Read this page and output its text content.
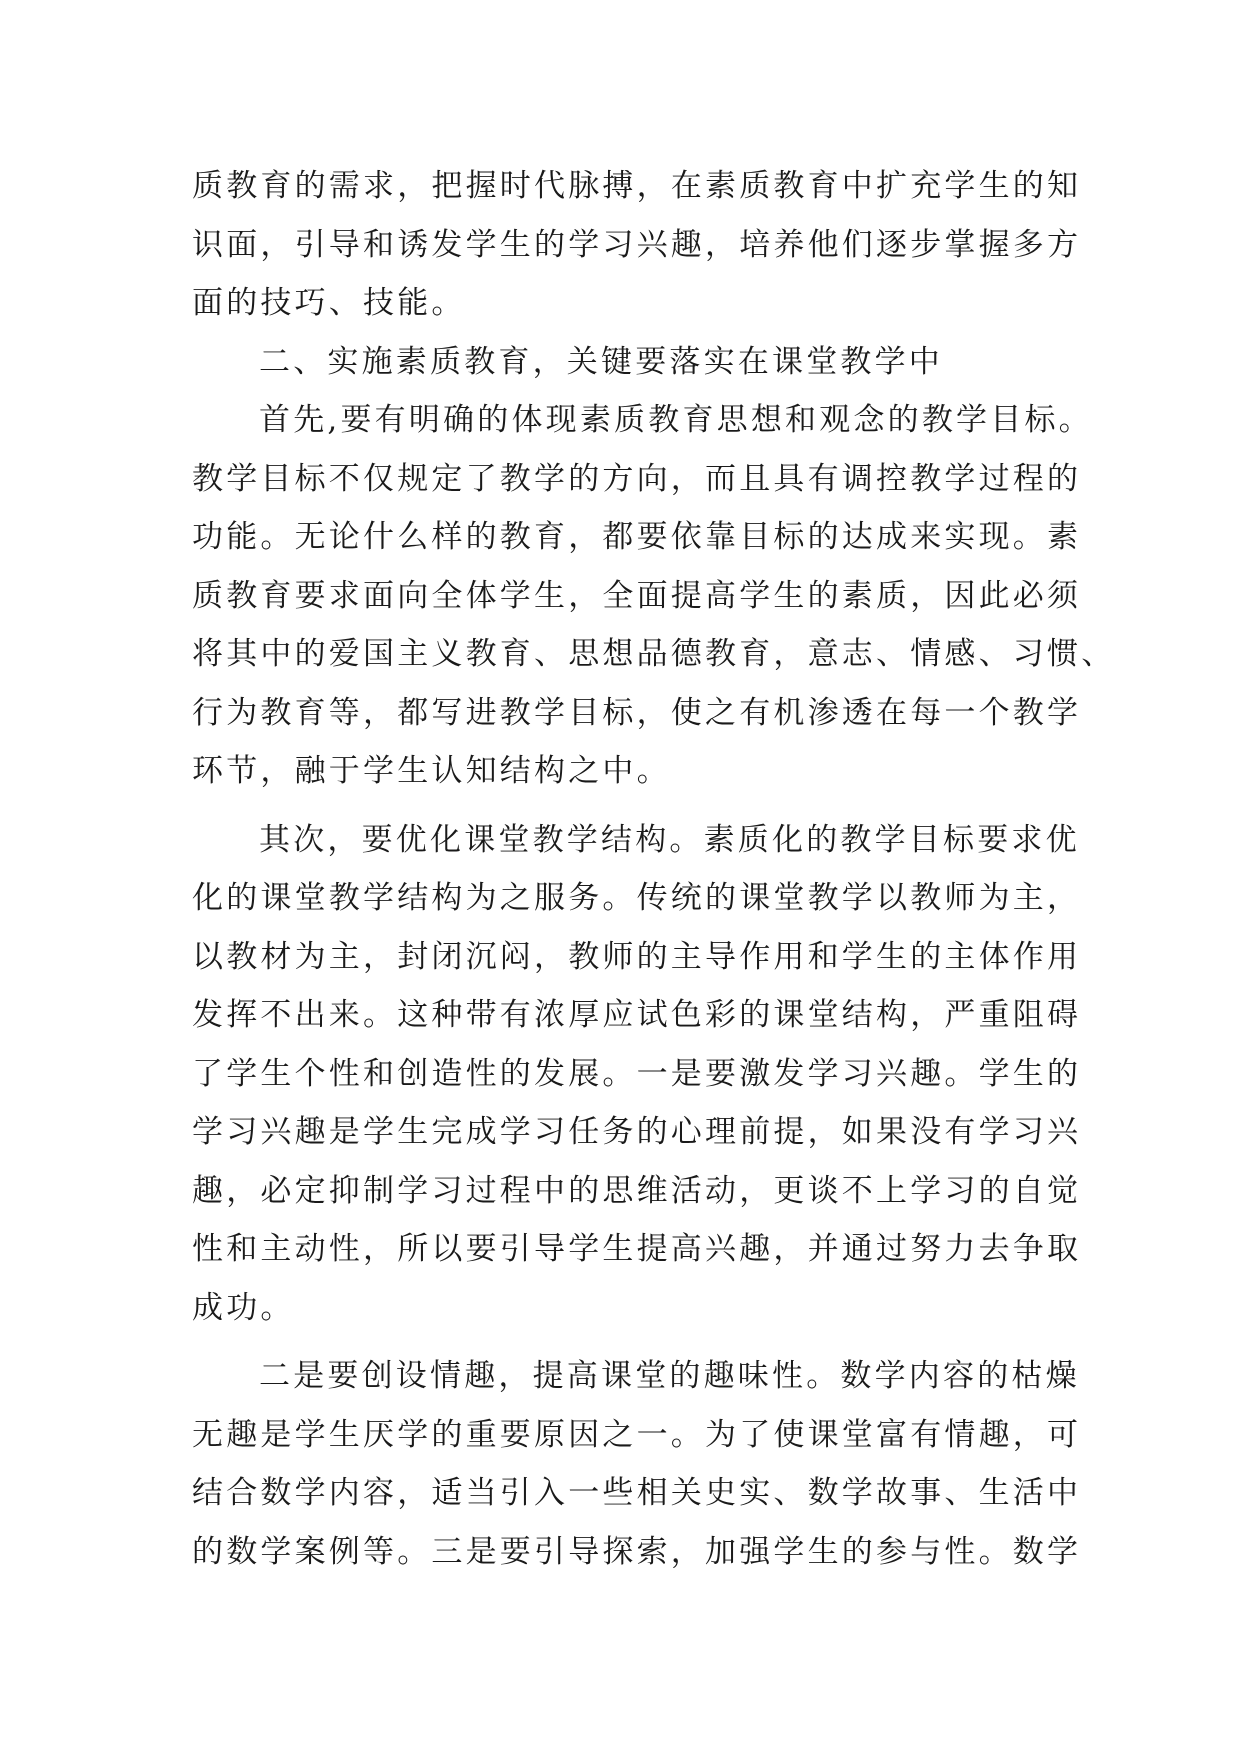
质教育的需求，把握时代脉搏，在素质教育中扩充学生的知
识面，引导和诱发学生的学习兴趣，培养他们逐步掌握多方
面的技巧、技能。
二、实施素质教育，关键要落实在课堂教学中
首先,要有明确的体现素质教育思想和观念的教学目标。
教学目标不仅规定了教学的方向，而且具有调控教学过程的
功能。无论什么样的教育，都要依靠目标的达成来实现。素
质教育要求面向全体学生，全面提高学生的素质，因此必须
将其中的爱国主义教育、思想品德教育，意志、情感、习惯、
行为教育等，都写进教学目标，使之有机渗透在每一个教学
环节，融于学生认知结构之中。
其次，要优化课堂教学结构。素质化的教学目标要求优
化的课堂教学结构为之服务。传统的课堂教学以教师为主，
以教材为主，封闭沉闷，教师的主导作用和学生的主体作用
发挥不出来。这种带有浓厚应试色彩的课堂结构，严重阻碍
了学生个性和创造性的发展。一是要激发学习兴趣。学生的
学习兴趣是学生完成学习任务的心理前提，如果没有学习兴
趣，必定抑制学习过程中的思维活动，更谈不上学习的自觉
性和主动性，所以要引导学生提高兴趣，并通过努力去争取
成功。
二是要创设情趣，提高课堂的趣味性。数学内容的枯燥
无趣是学生厌学的重要原因之一。为了使课堂富有情趣，可
结合数学内容，适当引入一些相关史实、数学故事、生活中
的数学案例等。三是要引导探索，加强学生的参与性。数学
